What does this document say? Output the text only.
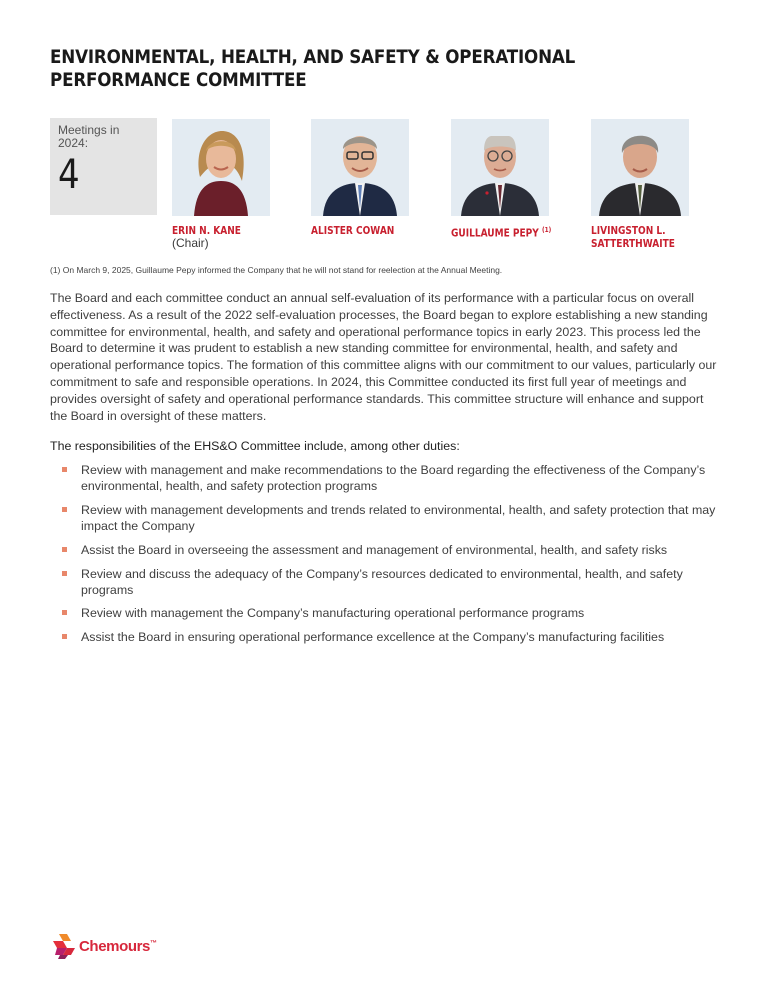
ENVIRONMENTAL, HEALTH, AND SAFETY & OPERATIONAL PERFORMANCE COMMITTEE
Meetings in 2024:
4
ERIN N. KANE
(Chair)
ALISTER COWAN	GUILLAUME PEPY $^{(1)}$	LIVINGSTON L.
SATTERTHWAITE
(1) On March 9, 2025, Guillaume Pepy informed the Company that he will not stand for reelection at the Annual Meeting.

The Board and each committee conduct an annual self-evaluation of its performance with a particular focus on overall effectiveness. As a result of the 2022 self-evaluation processes, the Board began to explore establishing a new standing committee for environmental, health, and safety and operational performance topics in early 2023. This process led the Board to determine it was prudent to establish a new standing committee for environmental, health, and safety and operational performance topics. The formation of this committee aligns with our commitment to our values, particularly our commitment to safe and responsible operations. In 2024, this Committee conducted its first full year of meetings and provides oversight of safety and operational performance standards. This committee structure will enhance and support the Board in oversight of these matters.

The responsibilities of the EHS&O Committee include, among other duties:

Review with management and make recommendations to the Board regarding the effectiveness of the Company’s environmental, health, and safety protection programs
Review with management developments and trends related to environmental, health, and safety protection that may impact the Company
Assist the Board in overseeing the assessment and management of environmental, health, and safety risks
Review and discuss the adequacy of the Company’s resources dedicated to environmental, health, and safety programs
Review with management the Company’s manufacturing operational performance programs
Assist the Board in ensuring operational performance excellence at the Company’s manufacturing facilities
Chemours™
